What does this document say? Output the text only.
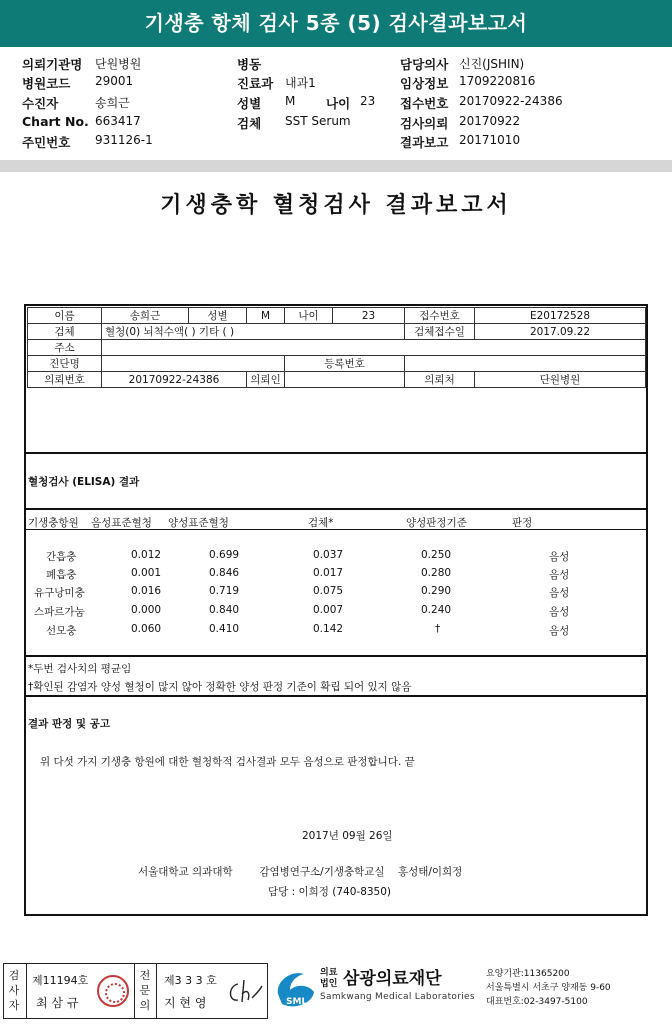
기생충 항체 검사 5종 (5) 검사결과보고서
의뢰기관명 단원병원
병원코드 29001
수진자	송희근
Chart No. 663417
주민번호 931126-1
병동
진료과 내과1
성별 M 나이 23
검체 SST Serum
담당의사 신진(JSHIN)
임상정보 1709220816
접수번호 20170922-24386
검사의뢰 20170922
결과보고 20171010
기생충학 혈청검사 결과보고서
이름	송희근	성별	M	나이	23	접수번호	E20172528
검체	혈청(0) 뇌척수액( ) 기타 ( )					검체접수일	2017.09.22
주소							
진단명				등록번호			
의뢰번호	20170922-24386		의뢰인			의뢰처	단원병원
혈청검사 (ELISA) 결과
기생충항원 음성표준혈청 양성표준혈청	검체*	양성판정기준	판정
간흡충	0.012	0.699	0.037	0.250	음성
폐흡충	0.001	0.846	0.017	0.280	음성
유구낭미충	0.016	0.719	0.075	0.290	음성
스파르가눔	0.000	0.840	0.007	0.240	음성
선모충	0.060	0.410	0.142	†	음성
*두번 검사치의 평균임
†확인된 감염자 양성 혈청이 많지 않아 정확한 양성 판정 기준이 확립 되어 있지 않음
결과 판정 및 공고
위 다섯 가지 기생충 항원에 대한 혈청학적 검사결과 모두 음성으로 판정합니다. 끝
2017년 09월 26일
서울대학교 의과대학        감염병연구소/기생충학교실    홍성태/이희정
담당 : 이희정 (740-8350)
검
사
자
제11194호
최 삼 규
전
문
의
제3 3 3 호
지 현 영	SML
의료
법인 삼광의료재단
Samkwang Medical Laboratories
요양기관:11365200
서울특별시 서초구 양재동 9-60
대표번호:02-3497-5100
